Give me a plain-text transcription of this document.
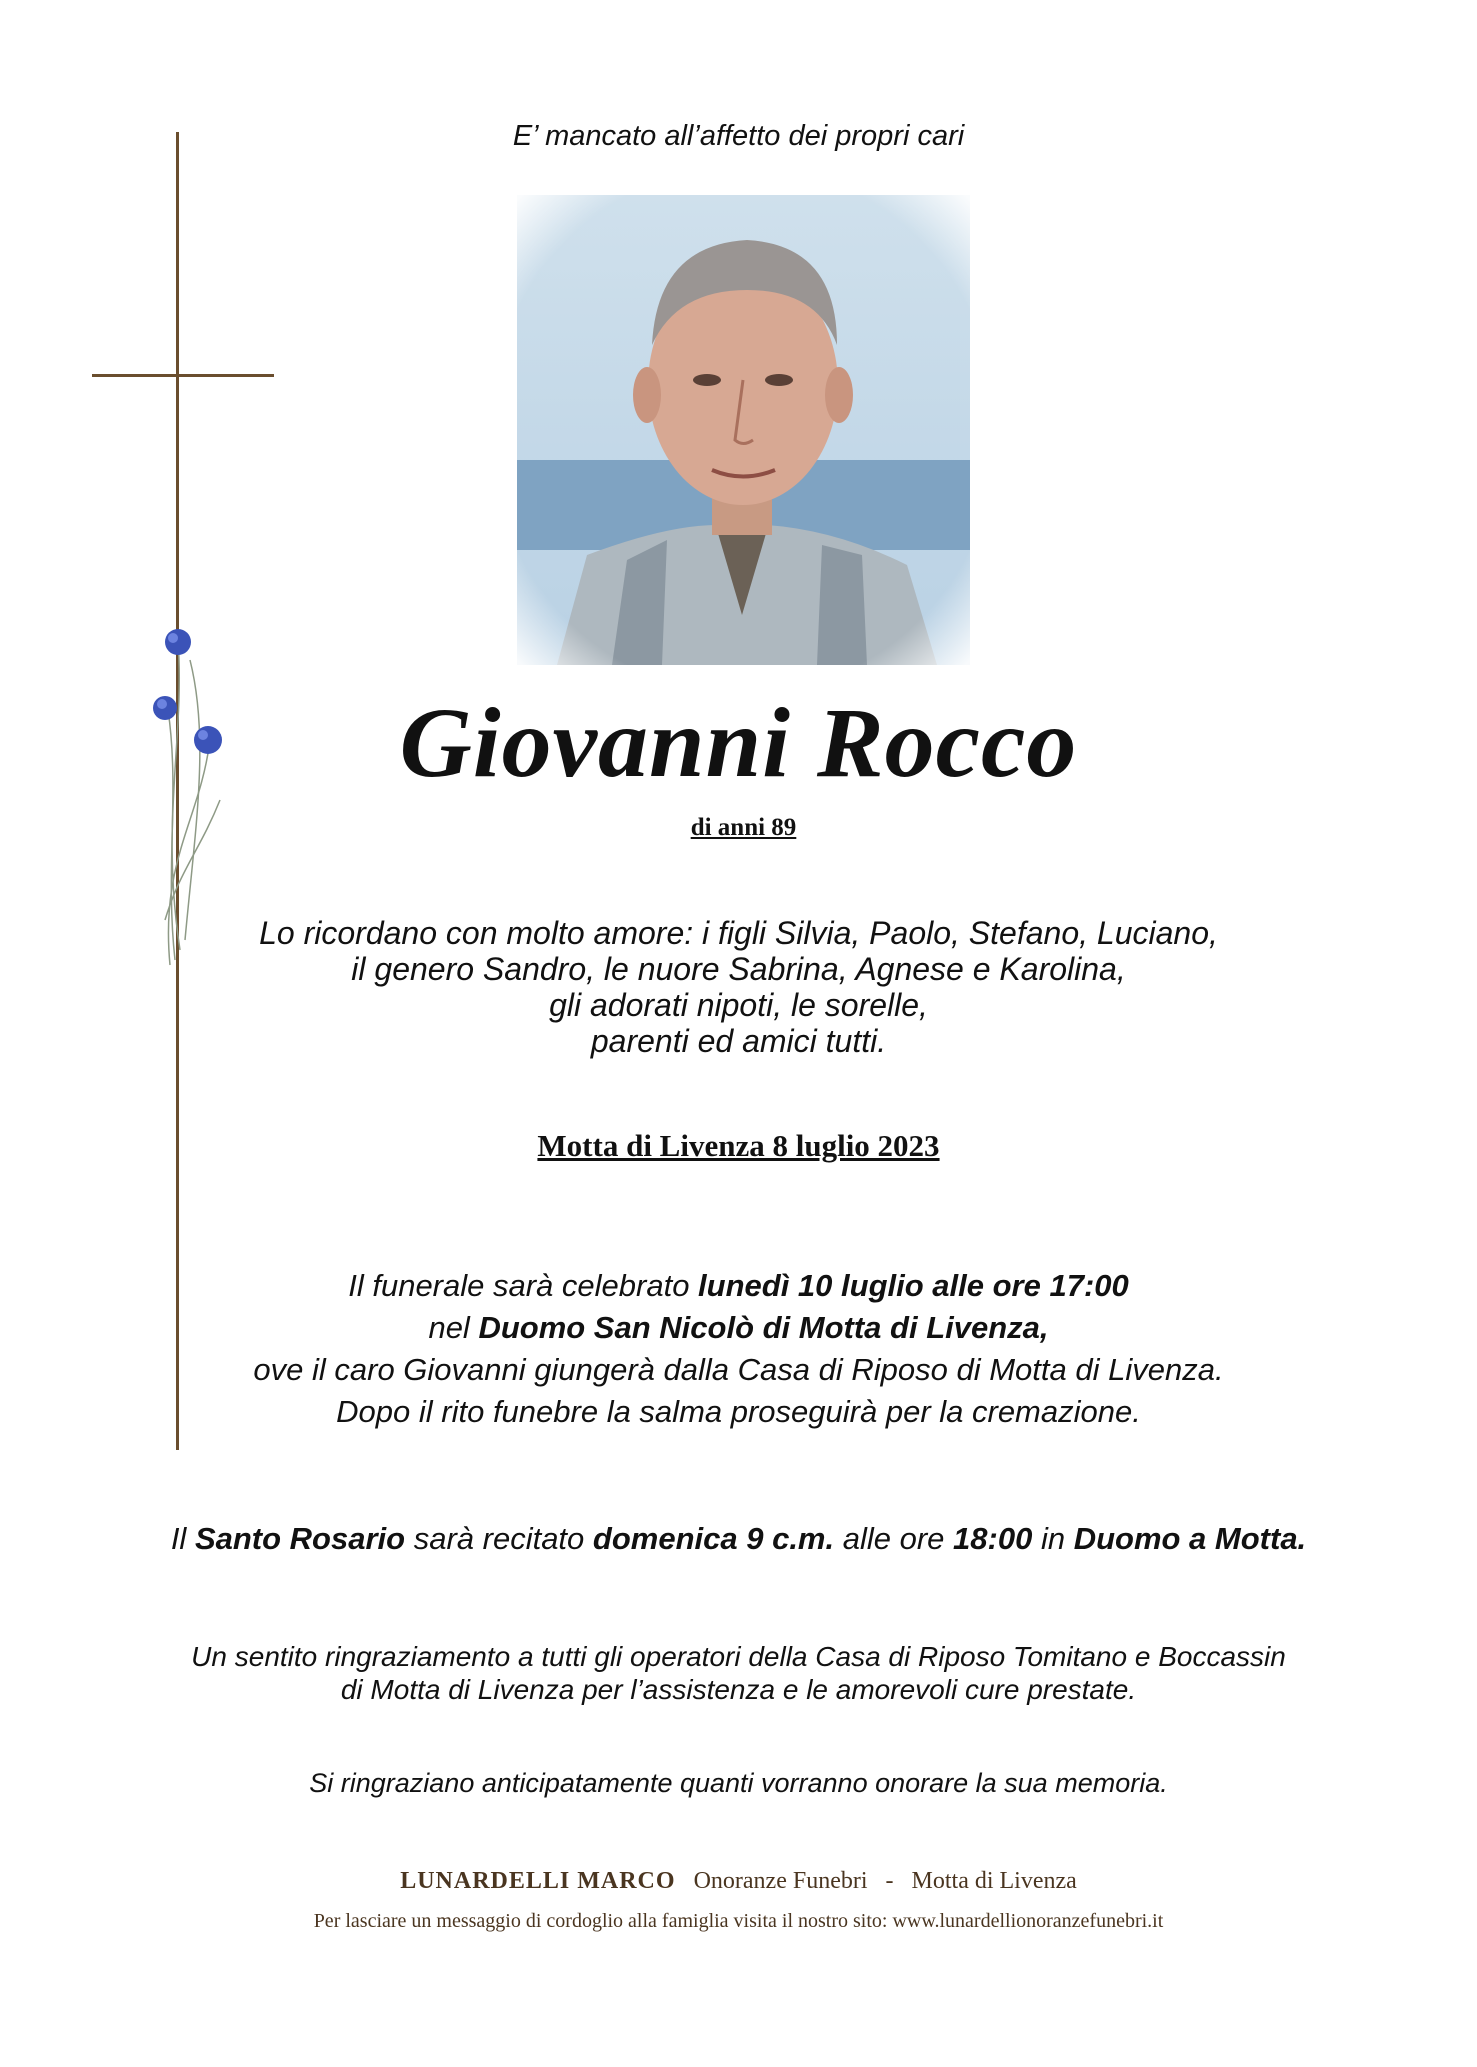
E’ mancato all’affetto dei propri cari
Giovanni Rocco
di anni 89
Lo ricordano con molto amore: i figli Silvia, Paolo, Stefano, Luciano,
il genero Sandro, le nuore Sabrina, Agnese e Karolina,
gli adorati nipoti, le sorelle,
parenti ed amici tutti.
Motta di Livenza 8 luglio 2023
Il funerale sarà celebrato lunedì 10 luglio alle ore 17:00
nel Duomo San Nicolò di Motta di Livenza,
ove il caro Giovanni giungerà dalla Casa di Riposo di Motta di Livenza.
Dopo il rito funebre la salma proseguirà per la cremazione.
Il Santo Rosario sarà recitato domenica 9 c.m. alle ore 18:00 in Duomo a Motta.
Un sentito ringraziamento a tutti gli operatori della Casa di Riposo Tomitano e Boccassin
di Motta di Livenza per l’assistenza e le amorevoli cure prestate.
Si ringraziano anticipatamente quanti vorranno onorare la sua memoria.
LUNARDELLI MARCO Onoranze Funebri - Motta di Livenza
Per lasciare un messaggio di cordoglio alla famiglia visita il nostro sito: www.lunardellionoranzefunebri.it
